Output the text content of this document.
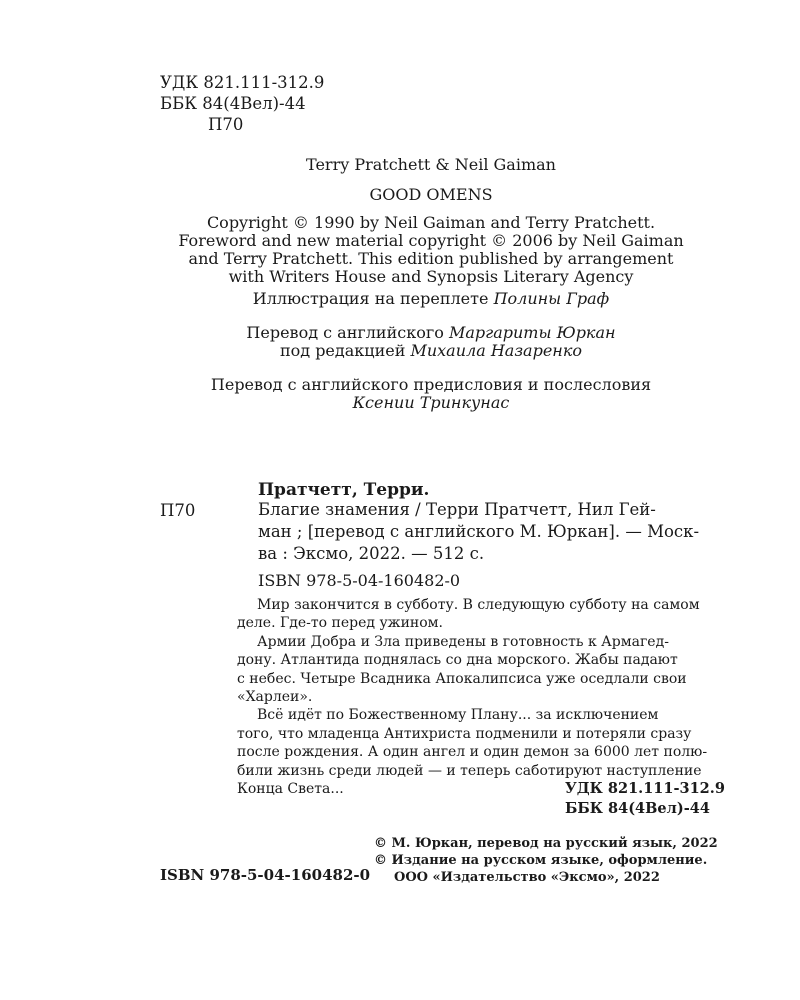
УДК 821.111-312.9
ББК 84(4Вел)-44
П70
Terry Pratchett & Neil Gaiman
GOOD OMENS
Copyright © 1990 by Neil Gaiman and Terry Pratchett.
Foreword and new material copyright © 2006 by Neil Gaiman
and Terry Pratchett. This edition published by arrangement
with Writers House and Synopsis Literary Agency
Иллюстрация на переплете Полины Граф
Перевод с английского Маргариты Юркан
под редакцией Михаила Назаренко
Перевод с английского предисловия и послесловия
Ксении Тринкунас
Пратчетт, Терри.
П70	Благие знамения / Терри Пратчетт, Нил Гей-
ман ; [перевод с английского М. Юркан]. — Моск-
ва : Эксмо, 2022. — 512 с.
ISBN 978-5-04-160482-0
Мир закончится в субботу. В следующую субботу на самом
деле. Где-то перед ужином.
Армии Добра и Зла приведены в готовность к Армагед-
дону. Атлантида поднялась со дна морского. Жабы падают
с небес. Четыре Всадника Апокалипсиса уже оседлали свои
«Харлеи».
Всё идёт по Божественному Плану... за исключением
того, что младенца Антихриста подменили и потеряли сразу
после рождения. А один ангел и один демон за 6000 лет полю-
били жизнь среди людей — и теперь саботируют наступление
Конца Света...	УДК 821.111-312.9
ББК 84(4Вел)-44
© М. Юркан, перевод на русский язык, 2022
© Издание на русском языке, оформление.
ООО «Издательство «Эксмо», 2022
ISBN 978-5-04-160482-0
